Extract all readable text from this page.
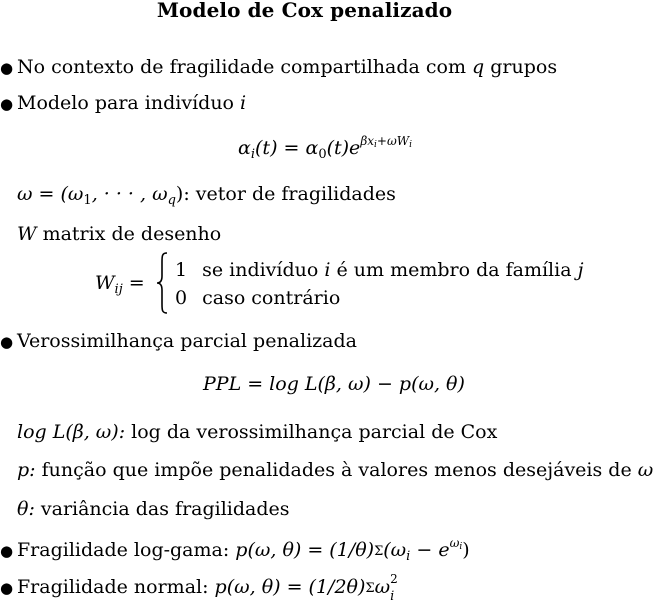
Modelo de Cox penalizado
● No contexto de fragilidade compartilhada com q grupos
● Modelo para indivíduo i
$\alpha_i(t) = \alpha_0(t)e^{\beta x_i+\omega W_i}$
$\omega = (\omega_1$, · · · , $\omega_q$): vetor de fragilidades
W matrix de desenho
$W_{ij}$ =
1 se indivíduo i é um membro da família j
0 caso contrário
● Verossimilhança parcial penalizada
PPL = log L(β, ω) − p(ω, θ)
log L(β, ω): log da verossimilhança parcial de Cox
p: função que impõe penalidades à valores menos desejáveis de ω
θ: variância das fragilidades
● Fragilidade log-gama: p(ω, $\theta) = (1/\theta)\Sigma(\omega_i - e^{\omega_i})$
● Fragilidade normal: p(ω, θ) = (1/2θ)Σω 2
i
